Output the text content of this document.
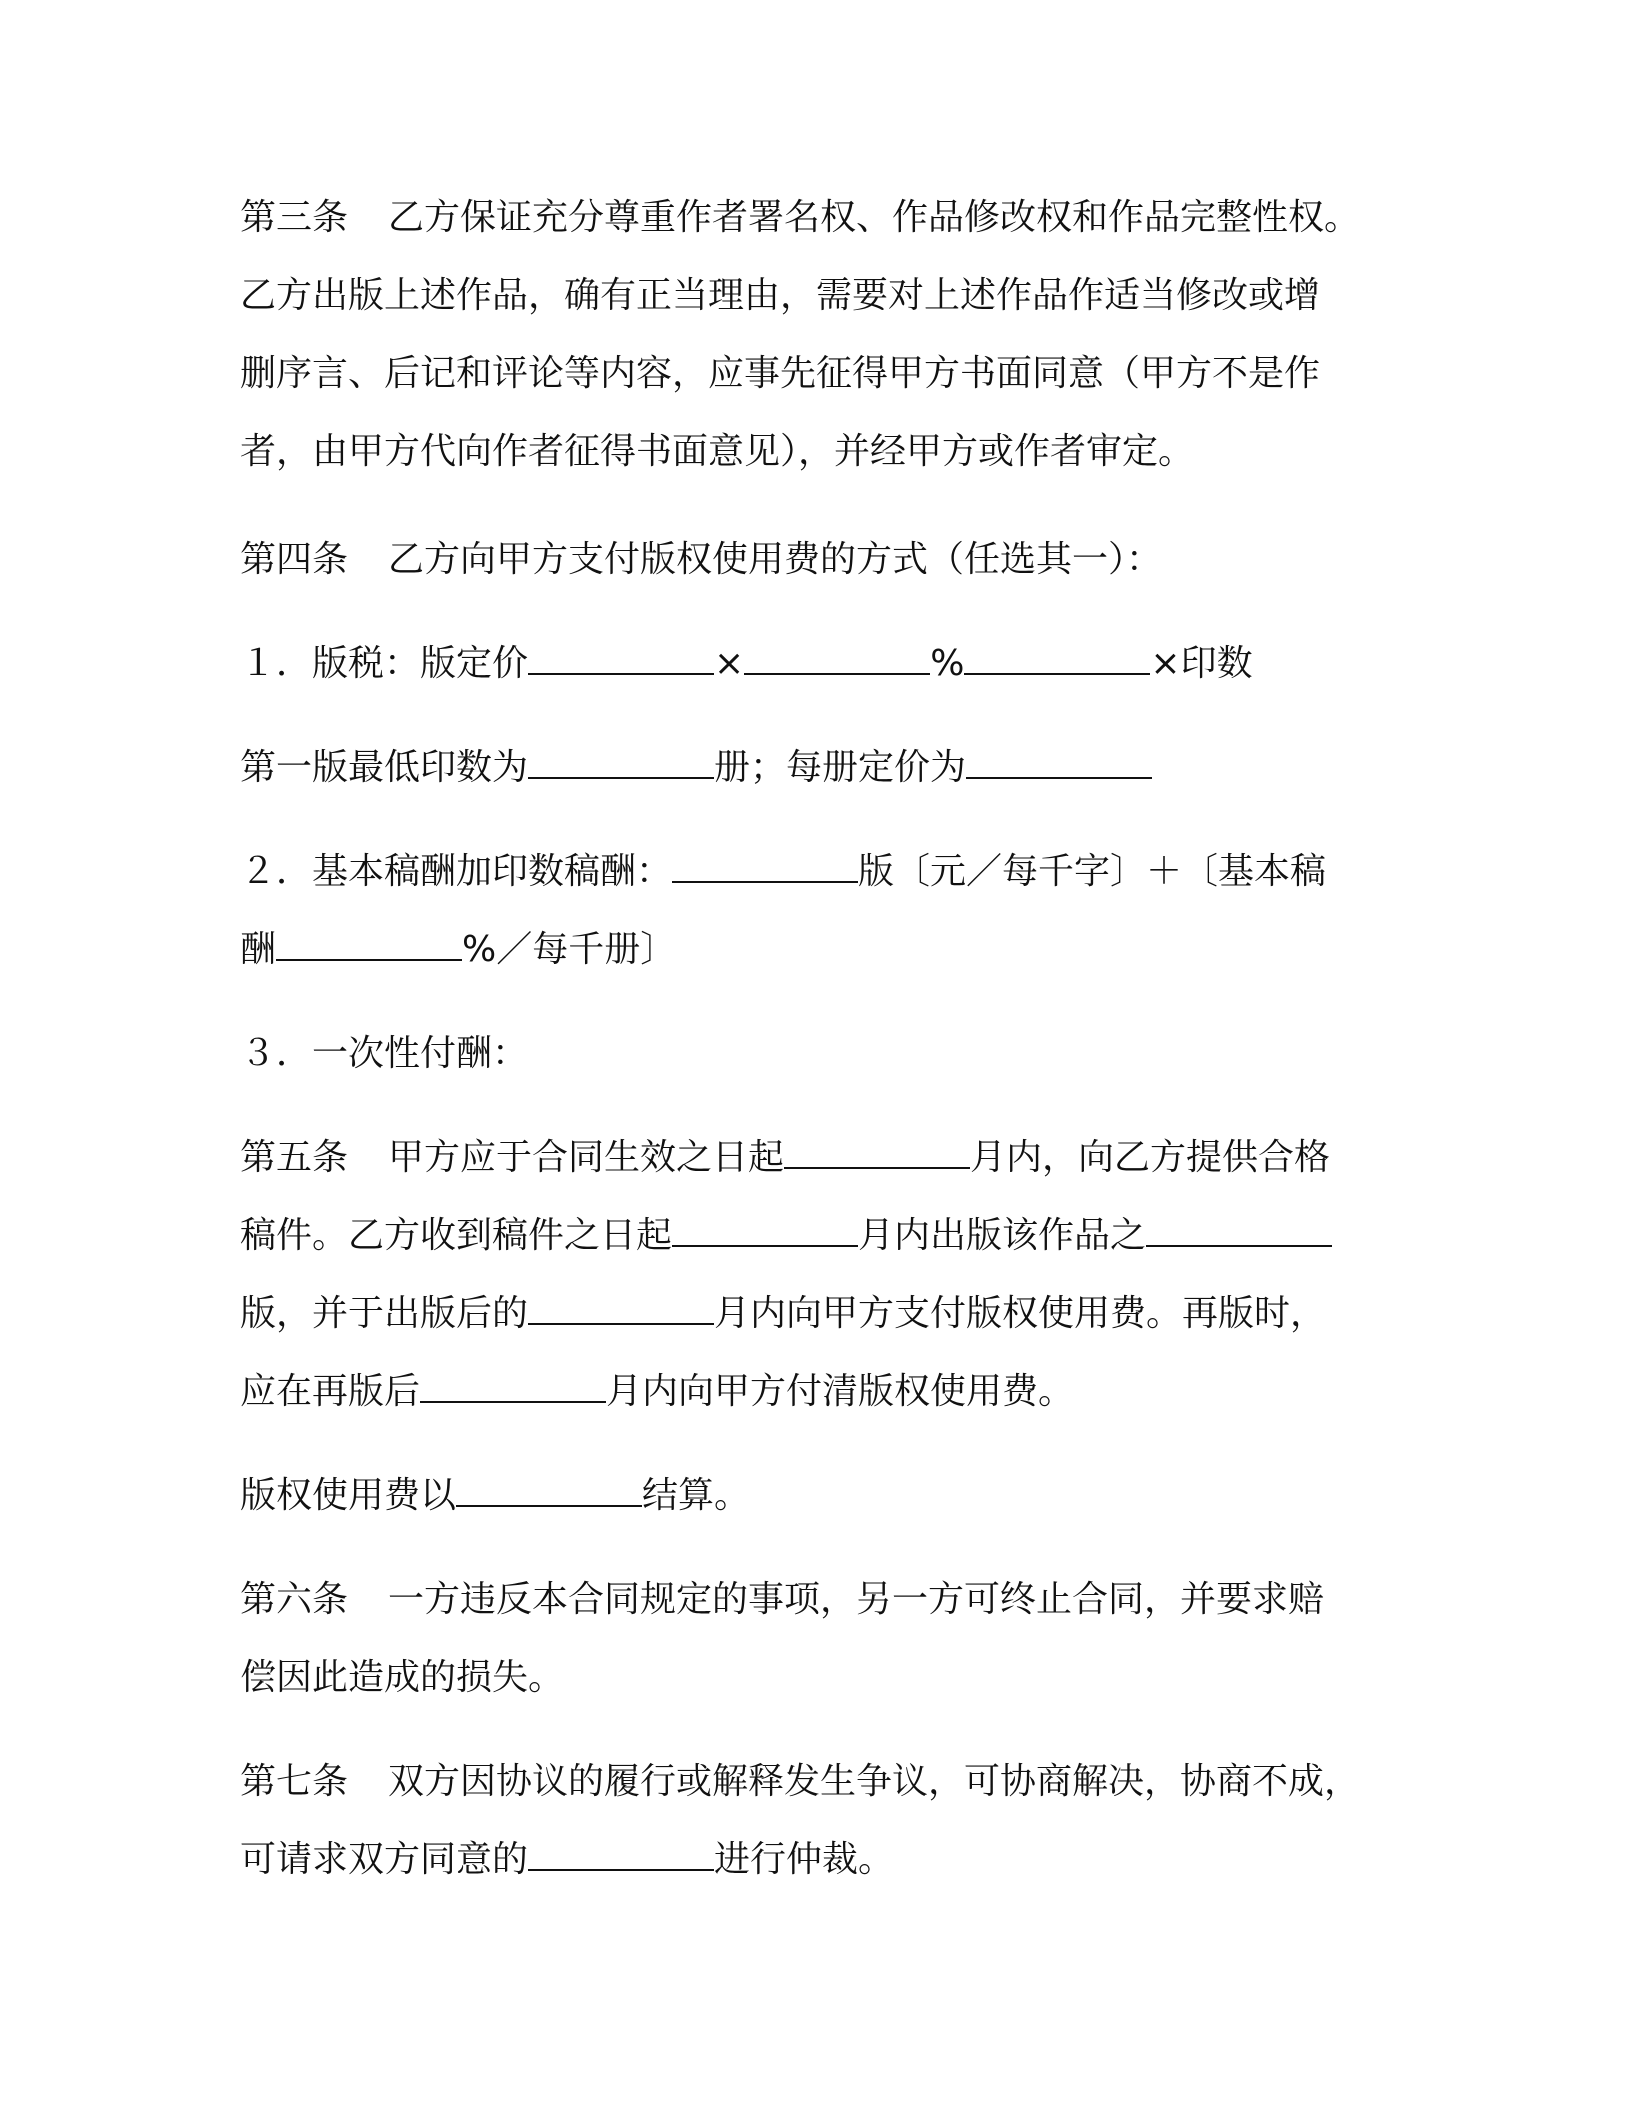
第三条 乙方保证充分尊重作者署名权、作品修改权和作品完整性权。
乙方出版上述作品，确有正当理由，需要对上述作品作适当修改或增
删序言、后记和评论等内容，应事先征得甲方书面同意（甲方不是作
者，由甲方代向作者征得书面意见），并经甲方或作者审定。
第四条 乙方向甲方支付版权使用费的方式（任选其一）：
１．版税：版定价	×	%	×印数
第一版最低印数为	册；每册定价为
２．基本稿酬加印数稿酬：	版〔元／每千字〕＋〔基本稿
酬	%／每千册〕
３．一次性付酬：
第五条 甲方应于合同生效之日起	月内，向乙方提供合格
稿件。乙方收到稿件之日起	月内出版该作品之
版，并于出版后的	月内向甲方支付版权使用费。再版时，
应在再版后	月内向甲方付清版权使用费。
版权使用费以	结算。
第六条 一方违反本合同规定的事项，另一方可终止合同，并要求赔
偿因此造成的损失。
第七条 双方因协议的履行或解释发生争议，可协商解决，协商不成，
可请求双方同意的	进行仲裁。
